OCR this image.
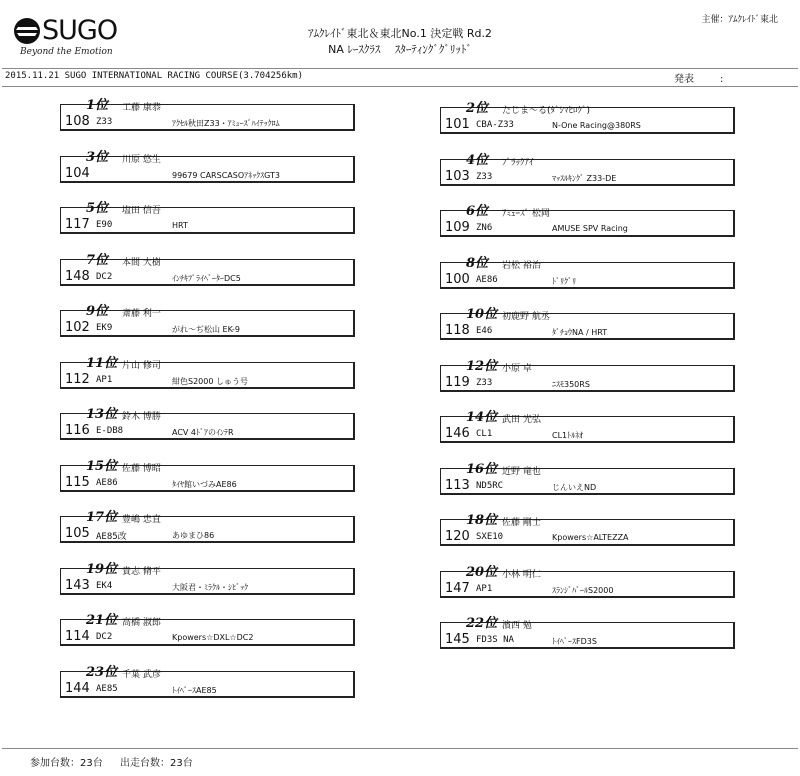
SUGO
Beyond the Emotion
主催：ｱﾑｸﾚｲﾄﾞ東北
ｱﾑｸﾚｲﾄﾞ東北＆東北No.1 決定戦 Rd.2
NA ﾚｰｽｸﾗｽ　 ｽﾀｰﾃｨﾝｸﾞｸﾞﾘｯﾄﾞ
2015.11.21 SUGO INTERNATIONAL RACING COURSE(3.704256km)	発表	:
1位 工藤 康恭
108 Z33	ｱｸｾﾙ秋田Z33・ｱﾐｭｰｽﾞﾊｲﾃｯｸﾛﾑ
3位 川原 悠生
104	99679 CARSCASOｱﾈｯｸｽGT3
5位 塩田 信吾
117 E90	HRT
7位 本間 大樹
148 DC2	ｲﾝﾁｷﾌﾟﾗｲﾍﾞｰﾀｰDC5
9位 斎藤 利一
102 EK9	がれ～ぢ松山 EK-9
11位 片山 修司
112 AP1	紺色S2000 しゅう号
13位 鈴木 博勝
116 E-DB8	ACV 4ﾄﾞｱのｲﾝﾃR
15位 佐藤 博昭
115 AE86	ﾀｲﾔ館いづみAE86
17位 豊嶋 忠直
105 AE85改	あゆまひ86
19位 貴志 脩平
143 EK4	大阪君・ﾐﾗｸﾙ・ｼﾋﾞｯｸ
21位 高橋 淑郎
114 DC2	Kpowers☆DXL☆DC2
23位 千葉 武彦
144 AE85	ﾄｲﾍﾟｰｽAE85
2位 たじま～る(ﾀﾞｼﾏﾋﾛｸﾞ)
101 CBA-Z33	N-One Racing@380RS
4位 ﾌﾞﾗｯｸｱｲ
103 Z33	ﾏｯｽﾙｷﾝｸﾞ Z33-DE
6位 ｱﾐｭｰｽﾞ 松岡
109 ZN6	AMUSE SPV Racing
8位 岩松 裕治
100 AE86	ﾄﾞﾘｸﾞﾘ
10位 初鹿野 航丞
118 E46	ﾀﾞﾁｮｳNA / HRT
12位 小原 卓
119 Z33	ﾆｽﾓ350RS
14位 武田 光弘
146 CL1	CL1ﾄﾙﾈｵ
16位 近野 竜也
113 ND5RC	じんいえND
18位 佐藤 剛士
120 SXE10	Kpowers☆ALTEZZA
20位 小林 明仁
147 AP1	ｽﾗﾝｼﾞﾊﾞｰﾙS2000
22位 濱西 勉
145 FD3S NA	ﾄｲﾍﾟｰｽFD3S
参加台数：23台 出走台数：23台
